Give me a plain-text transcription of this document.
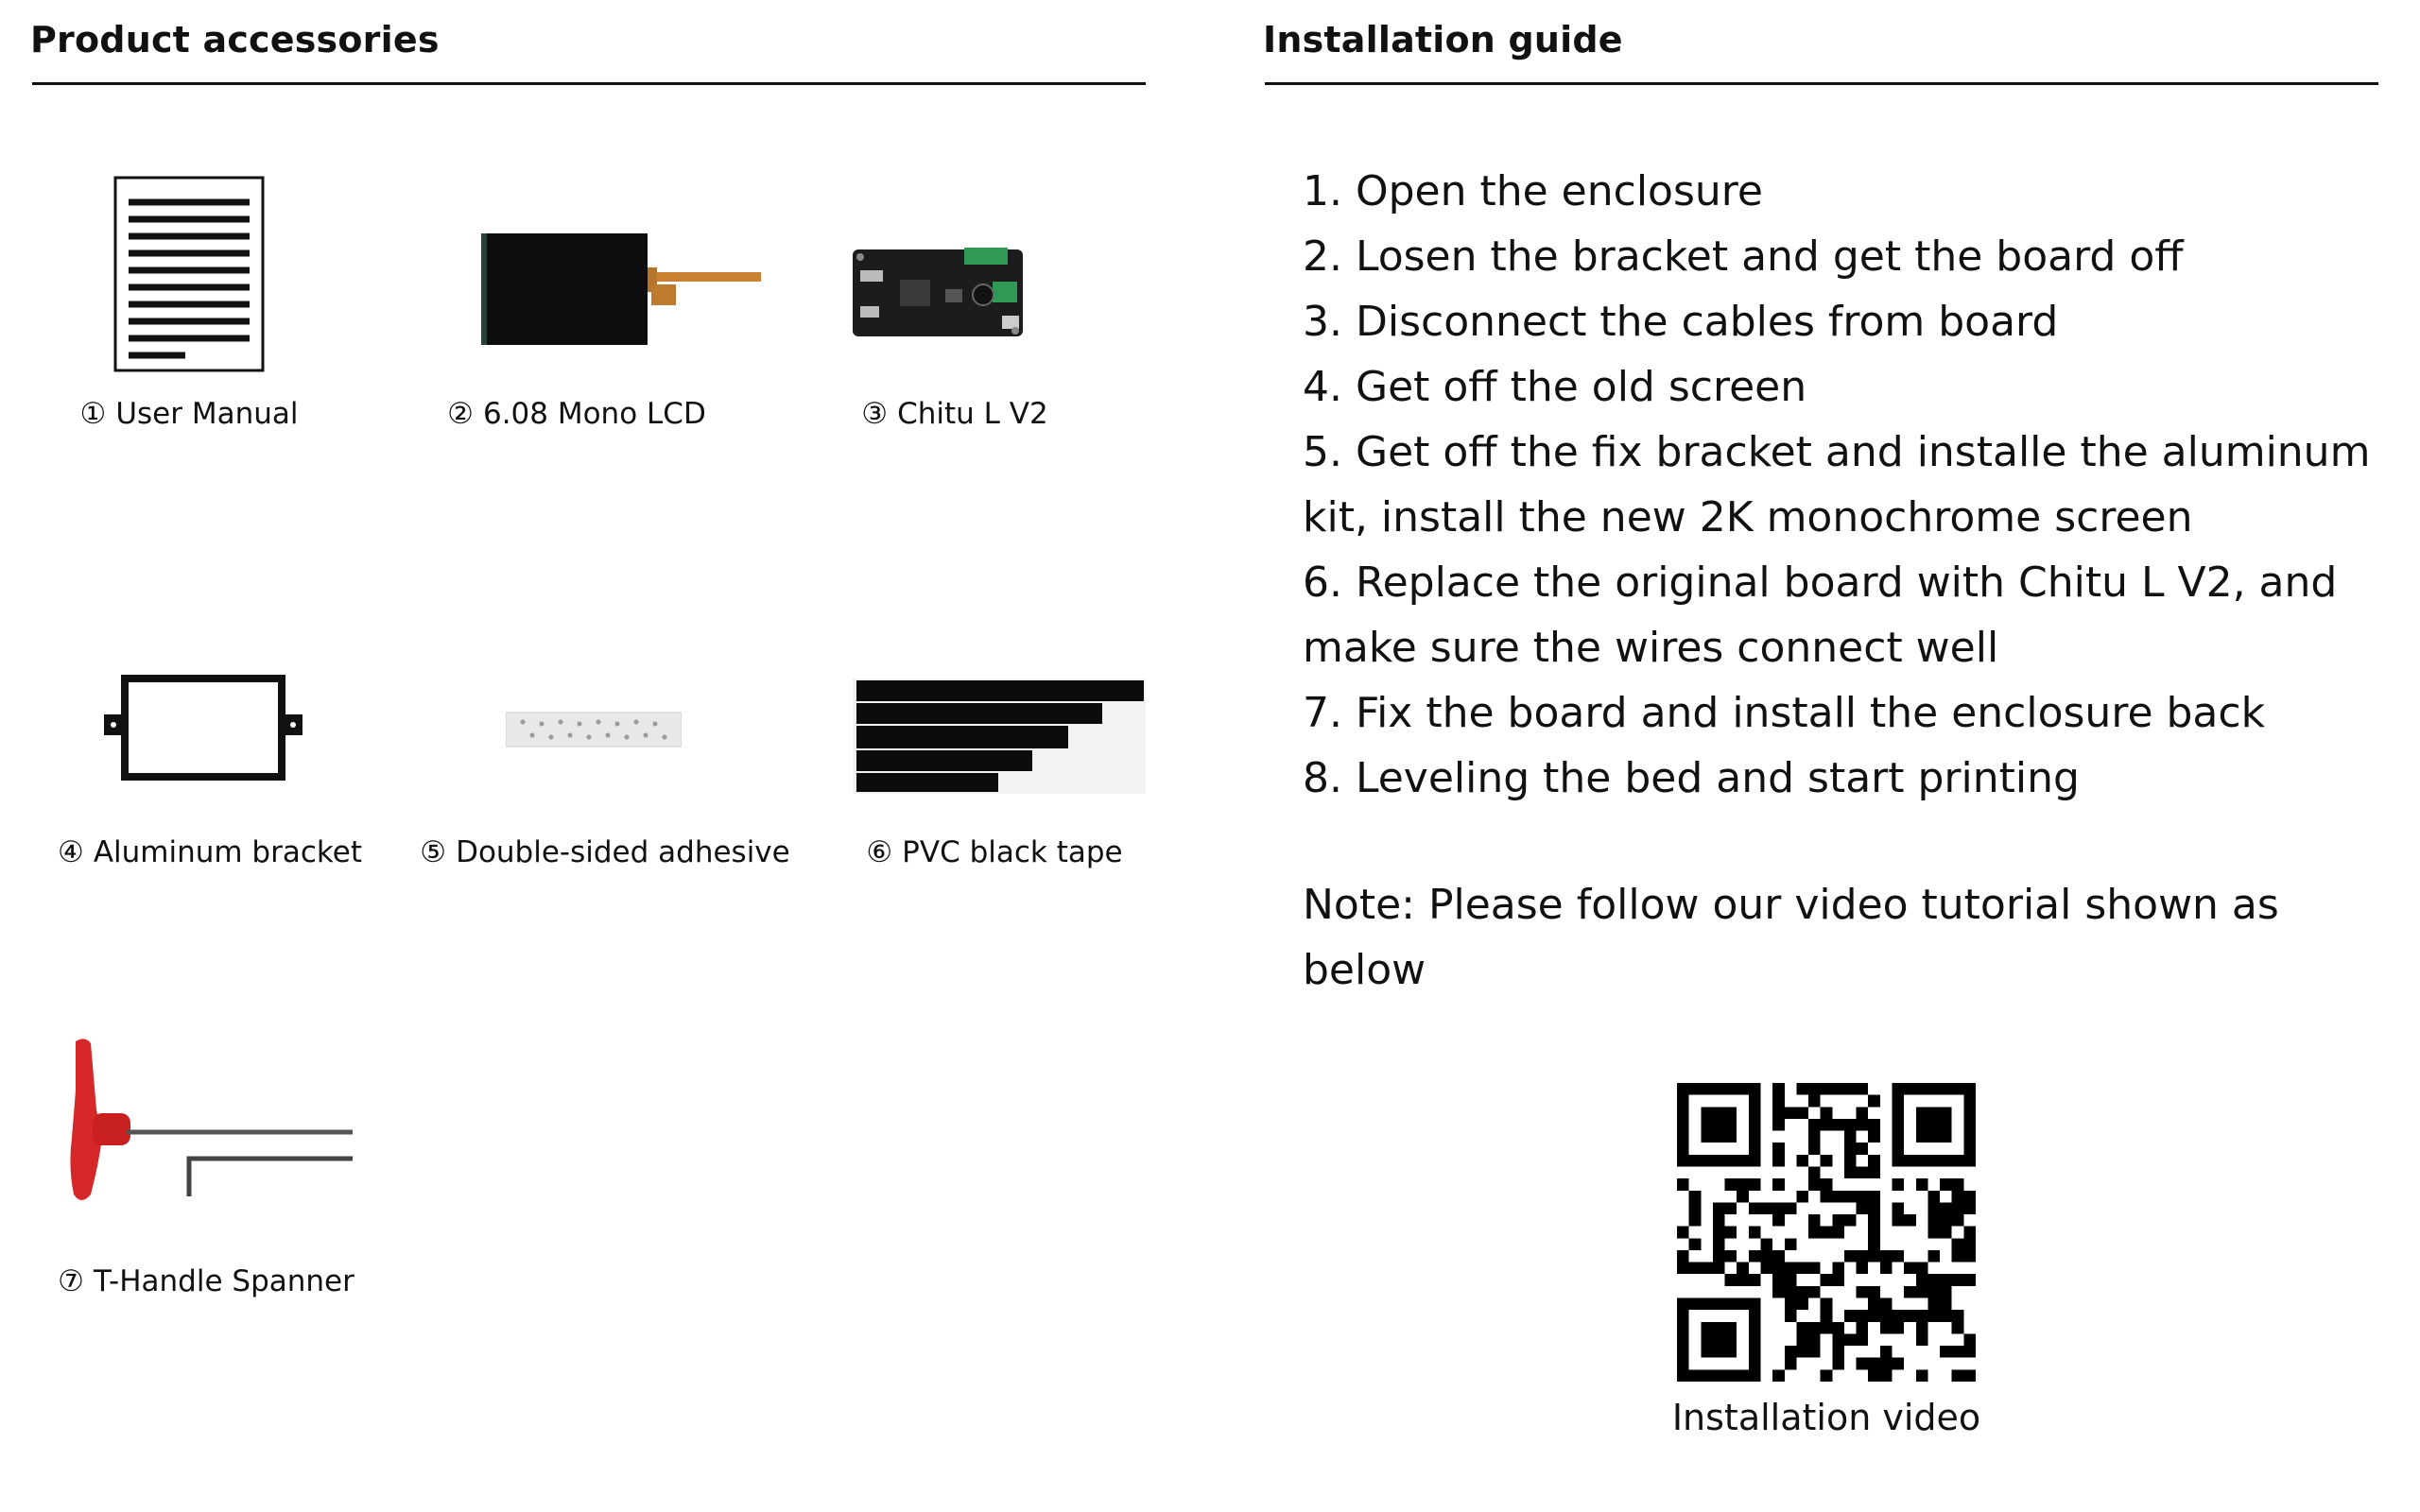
Product accessories
① User Manual	② 6.08 Mono LCD	③ Chitu L V2
④ Aluminum bracket ⑤ Double-sided adhesive	⑥ PVC black tape
⑦ T-Handle Spanner
Installation guide

1. Open the enclosure

2. Losen the bracket and get the board off

3. Disconnect the cables from board

4. Get off the old screen

5. Get off the fix bracket and installe the aluminum kit, install the new 2K monochrome screen

6. Replace the original board with Chitu L V2, and make sure the wires connect well

7. Fix the board and install the enclosure back

8. Leveling the bed and start printing

Note: Please follow our video tutorial shown as below

Installation video
